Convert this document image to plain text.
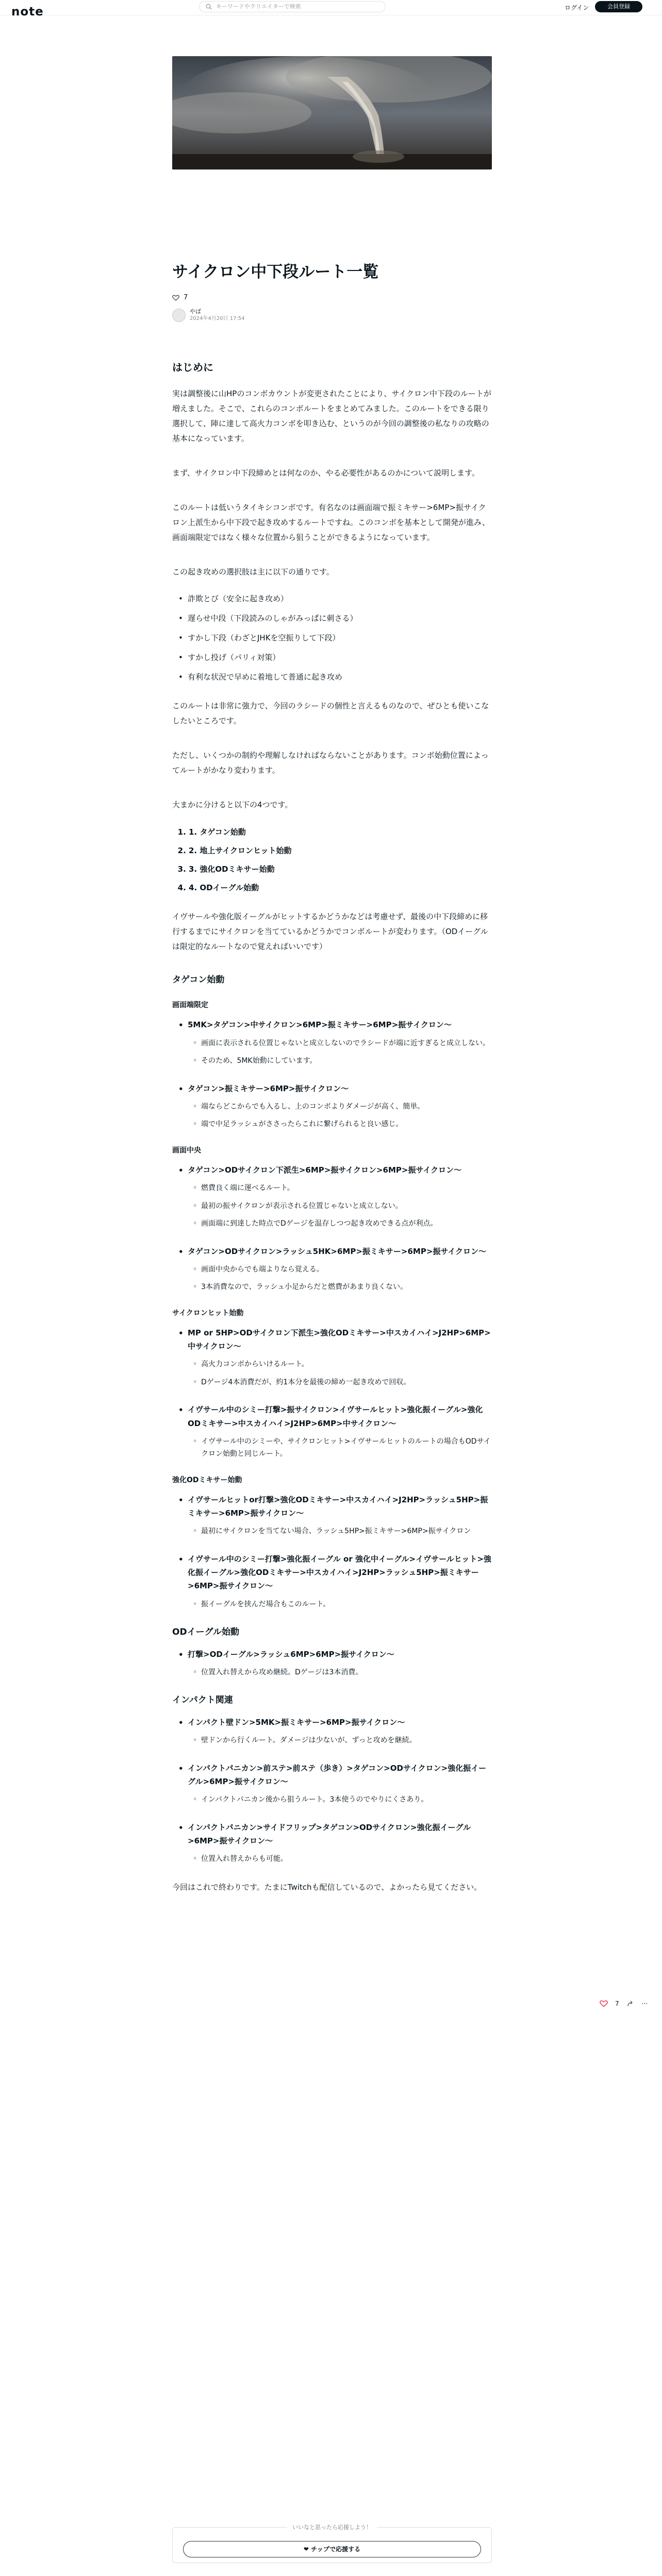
note	キーワードやクリエイターで検索	ログイン	会員登録
サイクロン中下段ルート一覧
7
やば
2024年4月20日 17:54
はじめに

実は調整後に山HPのコンボカウントが変更されたことにより、サイクロン中下段のルートが増えました。そこで、これらのコンボルートをまとめてみました。このルートをできる限り選択して、陣に達して高火力コンボを叩き込む、というのが今回の調整後の私なりの攻略の基本になっています。

まず、サイクロン中下段締めとは何なのか、やる必要性があるのかについて説明します。

このルートは低いうタイキシコンボです。有名なのは画面端で振ミキサー>6MP>振サイクロン上派生から中下段で起き攻めするルートですね。このコンボを基本として開発が進み、画面端限定ではなく様々な位置から狙うことができるようになっています。

この起き攻めの選択肢は主に以下の通りです。

• 詐欺とび（安全に起き攻め）
• 遅らせ中段（下段読みのしゃがみっぱに刺さる）
• すかし下段（わざとJHKを空振りして下段）
• すかし投げ（パリィ対策）
• 有利な状況で早めに着地して普通に起き攻め

このルートは非常に強力で、今回のラシードの個性と言えるものなので、ぜひとも使いこなしたいところです。

ただし、いくつかの制約や理解しなければならないことがあります。コンボ始動位置によってルートがかなり変わります。

大まかに分けると以下の4つです。

1. 1. タゲコン始動
2. 2. 地上サイクロンヒット始動
3. 3. 強化ODミキサー始動
4. 4. ODイーグル始動

イヴサールや強化版イーグルがヒットするかどうかなどは考慮せず、最後の中下段締めに移行するまでにサイクロンを当てているかどうかでコンボルートが変わります。（ODイーグルは限定的なルートなので覚えればいいです）

タゲコン始動
画面端限定
• 5MK>タゲコン>中サイクロン>6MP>振ミキサー>6MP>振サイクロン〜
◦ 画面に表示される位置じゃないと成立しないのでラシードが端に近すぎると成立しない。
◦ そのため、5MK始動にしています。
• タゲコン>振ミキサー>6MP>振サイクロン〜
◦ 端ならどこからでも入るし、上のコンボよりダメージが高く、簡単。
◦ 端で中足ラッシュがささったらこれに繋げられると良い感じ。
画面中央
• タゲコン>ODサイクロン下派生>6MP>振サイクロン>6MP>振サイクロン〜
◦ 燃費良く端に運べるルート。
◦ 最初の振サイクロンが表示される位置じゃないと成立しない。
◦ 画面端に到達した時点でDゲージを温存しつつ起き攻めできる点が利点。
• タゲコン>ODサイクロン>ラッシュ5HK>6MP>振ミキサー>6MP>振サイクロン〜
◦ 画面中央からでも端よりなら覚える。
◦ 3本消費なので、ラッシュ小足からだと燃費があまり良くない。
サイクロンヒット始動
• MP or 5HP>ODサイクロン下派生>強化ODミキサー>中スカイハイ>J2HP>6MP>中サイクロン〜
◦ 高火力コンボからいけるルート。
◦ Dゲージ4本消費だが、約1本分を最後の締め一起き攻めで回収。
• イヴサール中のシミー打撃>振サイクロン>イヴサールヒット>強化振イーグル>強化ODミキサー>中スカイハイ>J2HP>6MP>中サイクロン〜
◦ イヴサール中のシミーや、サイクロンヒット>イヴサールヒットのルートの場合もODサイクロン始動と同じルート。
強化ODミキサー始動
• イヴサールヒットor打撃>強化ODミキサー>中スカイハイ>J2HP>ラッシュ5HP>振ミキサー>6MP>振サイクロン〜
◦ 最初にサイクロンを当てない場合、ラッシュ5HP>振ミキサー>6MP>振サイクロン
• イヴサール中のシミー打撃>強化振イーグル or 強化中イーグル>イヴサールヒット>強化振イーグル>強化ODミキサー>中スカイハイ>J2HP>ラッシュ5HP>振ミキサー>6MP>振サイクロン〜
◦ 振イーグルを挟んだ場合もこのルート。
ODイーグル始動
• 打撃>ODイーグル>ラッシュ6MP>6MP>振サイクロン〜
◦ 位置入れ替えから攻め継続。Dゲージは3本消費。
インパクト関連
• インパクト壁ドン>5MK>振ミキサー>6MP>振サイクロン〜
◦ 壁ドンから行くルート。ダメージは少ないが、ずっと攻めを継続。
• インパクトパニカン>前ステ>前ステ（歩き）>タゲコン>ODサイクロン>強化振イーグル>6MP>振サイクロン〜
◦ インパクトパニカン後から狙うルート。3本使うのでやりにくさあり。
• インパクトパニカン>サイドフリップ>タゲコン>ODサイクロン>強化振イーグル>6MP>振サイクロン〜
◦ 位置入れ替えからも可能。

今回はこれで終わりです。たまにTwitchも配信しているので、よかったら見てください。

いいなと思ったら応援しよう！
❤ チップで応援する
7	···
